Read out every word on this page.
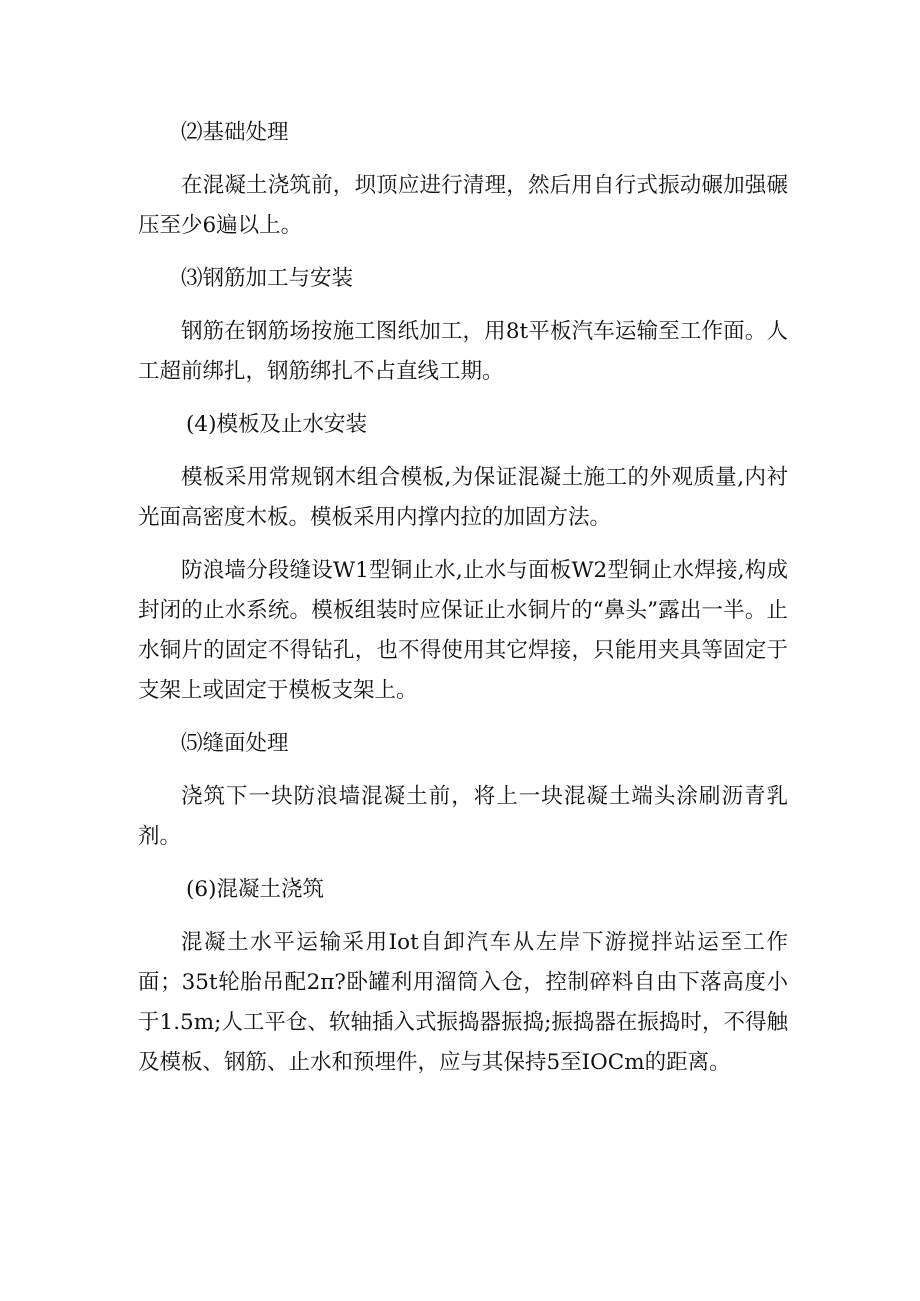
⑵基础处理

在混凝土浇筑前，坝顶应进行清理，然后用自行式振动碾加强碾压至少6遍以上。

⑶钢筋加工与安装

钢筋在钢筋场按施工图纸加工，用8t平板汽车运输至工作面。人工超前绑扎，钢筋绑扎不占直线工期。

(4)模板及止水安装

模板采用常规钢木组合模板,为保证混凝土施工的外观质量,内衬光面高密度木板。模板采用内撑内拉的加固方法。

防浪墙分段缝设W1型铜止水,止水与面板W2型铜止水焊接,构成封闭的止水系统。模板组装时应保证止水铜片的“鼻头”露出一半。止水铜片的固定不得钻孔，也不得使用其它焊接，只能用夹具等固定于支架上或固定于模板支架上。

⑸缝面处理

浇筑下一块防浪墙混凝土前，将上一块混凝土端头涂刷沥青乳剂。

(6)混凝土浇筑

混凝土水平运输采用Iot自卸汽车从左岸下游搅拌站运至工作面；35t轮胎吊配2π?卧罐利用溜筒入仓，控制碎料自由下落高度小于1.5m;人工平仓、软轴插入式振捣器振捣;振捣器在振捣时，不得触及模板、钢筋、止水和预埋件，应与其保持5至IOCm的距离。
